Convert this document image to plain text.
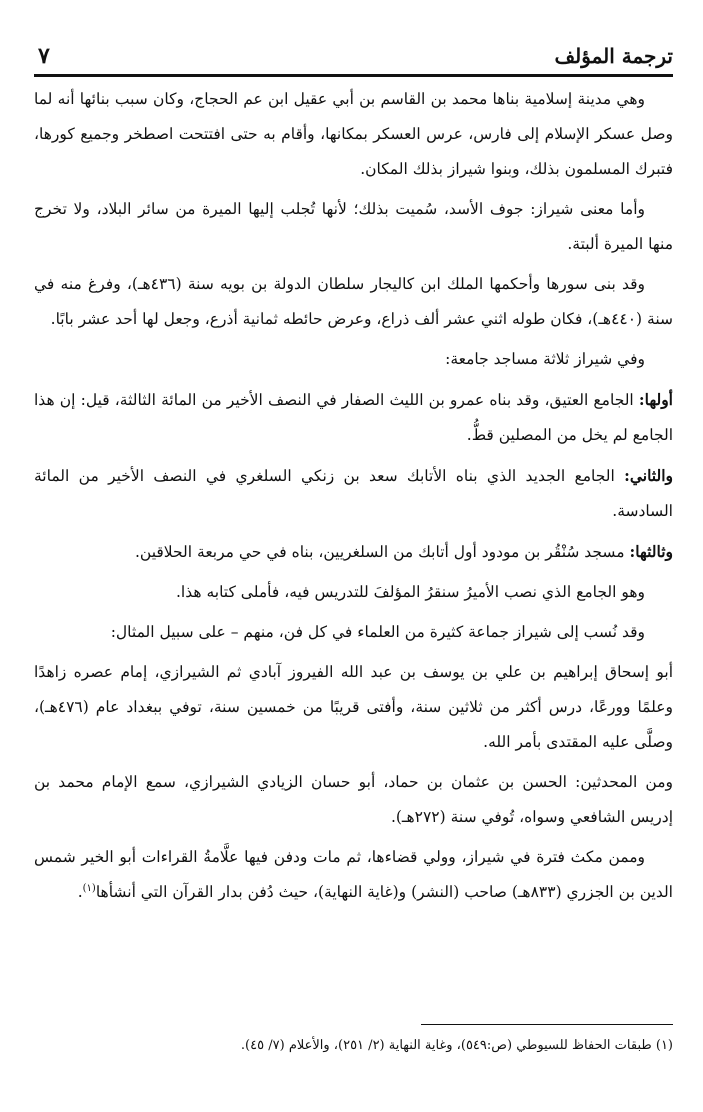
ترجمة المؤلف
٧

وهي مدينة إسلامية بناها محمد بن القاسم بن أبي عقيل ابن عم الحجاج، وكان سبب بنائها أنه لما وصل عسكر الإسلام إلى فارس، عرس العسكر بمكانها، وأقام به حتى افتتحت اصطخر وجميع كورها، فتبرك المسلمون بذلك، وبنوا شيراز بذلك المكان.

وأما معنى شيراز: جوف الأسد، سُميت بذلك؛ لأنها تُجلب إليها الميرة من سائر البلاد، ولا تخرج منها الميرة ألبتة.

وقد بنى سورها وأحكمها الملك ابن كاليجار سلطان الدولة بن بويه سنة (٤٣٦هـ)، وفرغ منه في سنة (٤٤٠هـ)، فكان طوله اثني عشر ألف ذراع، وعرض حائطه ثمانية أذرع، وجعل لها أحد عشر بابًا.

وفي شيراز ثلاثة مساجد جامعة:

أولها: الجامع العتيق، وقد بناه عمرو بن الليث الصفار في النصف الأخير من المائة الثالثة، قيل: إن هذا الجامع لم يخل من المصلين قطُّ.

والثاني: الجامع الجديد الذي بناه الأتابك سعد بن زنكي السلغري في النصف الأخير من المائة السادسة.

وثالثها: مسجد سُنْقُر بن مودود أول أتابك من السلغريين، بناه في حي مربعة الحلاقين.

وهو الجامع الذي نصب الأميرُ سنقرُ المؤلفَ للتدريس فيه، فأملى كتابه هذا.

وقد نُسب إلى شيراز جماعة كثيرة من العلماء في كل فن، منهم – على سبيل المثال:

أبو إسحاق إبراهيم بن علي بن يوسف بن عبد الله الفيروز آبادي ثم الشيرازي، إمام عصره زاهدًا وعلمًا وورعًا، درس أكثر من ثلاثين سنة، وأفتى قريبًا من خمسين سنة، توفي ببغداد عام (٤٧٦هـ)، وصلَّى عليه المقتدى بأمر الله.

ومن المحدثين: الحسن بن عثمان بن حماد، أبو حسان الزيادي الشيرازي، سمع الإمام محمد بن إدريس الشافعي وسواه، تُوفي سنة (٢٧٢هـ).

وممن مكث فترة في شيراز، وولي قضاءها، ثم مات ودفن فيها علَّامةُ القراءات أبو الخير شمس الدين بن الجزري (٨٣٣هـ) صاحب (النشر) و(غاية النهاية)، حيث دُفن بدار القرآن التي أنشأها$^{(١)}$.

(١) طبقات الحفاظ للسيوطي (ص:٥٤٩)، وغاية النهاية (٢/ ٢٥١)، والأعلام (٧/ ٤٥).
